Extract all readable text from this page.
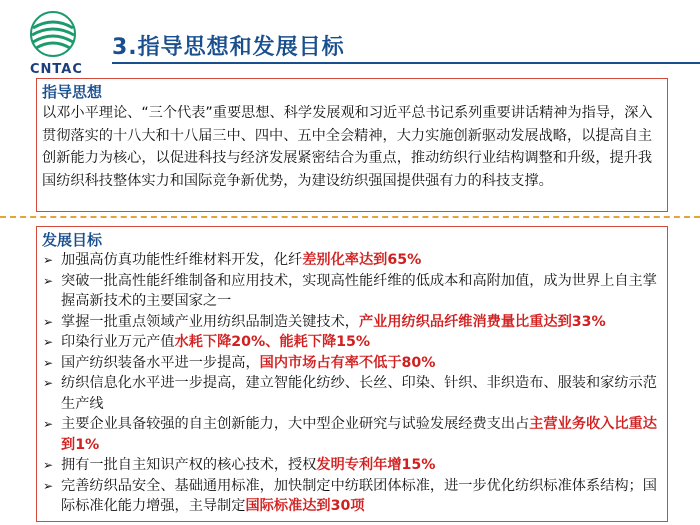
CNTAC
3.指导思想和发展目标
指导思想

以邓小平理论、“三个代表”重要思想、科学发展观和习近平总书记系列重要讲话精神为指导，深入贯彻落实的十八大和十八届三中、四中、五中全会精神，大力实施创新驱动发展战略，以提高自主创新能力为核心，以促进科技与经济发展紧密结合为重点，推动纺织行业结构调整和升级，提升我国纺织科技整体实力和国际竞争新优势，为建设纺织强国提供强有力的科技支撑。

发展目标
➢ 加强高仿真功能性纤维材料开发，化纤差别化率达到65%
➢ 突破一批高性能纤维制备和应用技术，实现高性能纤维的低成本和高附加值，成为世界上自主掌握高新技术的主要国家之一
➢ 掌握一批重点领域产业用纺织品制造关键技术，产业用纺织品纤维消费量比重达到33%
➢ 印染行业万元产值水耗下降20%、能耗下降15%
➢ 国产纺织装备水平进一步提高，国内市场占有率不低于80%
➢ 纺织信息化水平进一步提高，建立智能化纺纱、长丝、印染、针织、非织造布、服装和家纺示范生产线
➢ 主要企业具备较强的自主创新能力，大中型企业研究与试验发展经费支出占主营业务收入比重达到1%
➢ 拥有一批自主知识产权的核心技术，授权发明专利年增15%
➢ 完善纺织品安全、基础通用标准，加快制定中纺联团体标准，进一步优化纺织标准体系结构；国际标准化能力增强，主导制定国际标准达到30项
